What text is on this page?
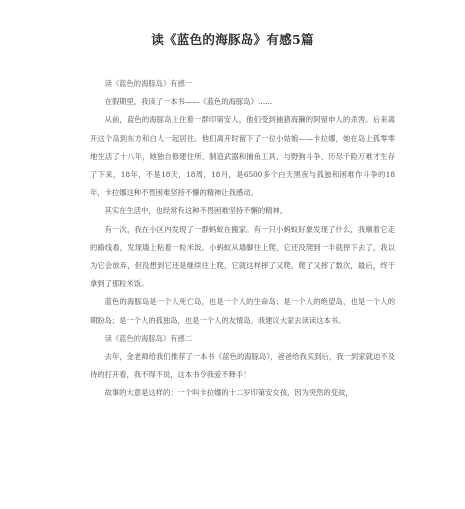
读《蓝色的海豚岛》有感5篇

读《蓝色的海豚岛》有感一

在假期里，我读了一本书——《蓝色的海豚岛》……

从前，蓝色的海豚岛上住着一群印第安人，他们受到捕猎海獭的阿留申人的杀害。后来离开这个岛到东方和白人一起居住。他们离开时留下了一位小姑娘——卡拉娜，她在岛上孤零零地生活了十八年，她独自修建住所、制造武器和捕鱼工具、与野狗斗争、历尽千险万难才生存了下来，18年，不是18天，18周，18月，是6500多个白天黑夜与孤独和困难作斗争的18年，卡拉娜这种不畏困难坚持不懈的精神让我感动。

其实在生活中，也经常有这种不畏困难坚持不懈的精神。

有一次，我在小区内发现了一群蚂蚁在搬家。有一只小蚂蚁好象发现了什么，我顺着它走的路线看，发现墙上粘着一粒米饭。小蚂蚁从墙脚往上爬，它还没爬到一半就摔下去了，我以为它会放弃，但没想到它还是继续往上爬，它就这样摔了又爬，爬了又摔了数次，最后，终于拿到了那粒米饭。

蓝色的海豚岛是一个人死亡岛，也是一个人的生命岛；是一个人的绝望岛，也是一个人的期盼岛；是一个人的孤独岛，也是一个人的友情岛。我建议大家去读读这本书。

读《蓝色的海豚岛》有感二

去年，金老师给我们推荐了一本书《蓝色的海豚岛》，爸爸给我买到后，我一到家就迫不及待的打开看，我不得不说，这本书令我爱不释手！

故事的大意是这样的：一个叫卡拉娜的十二岁印第安女孩，因为突然的变故，
